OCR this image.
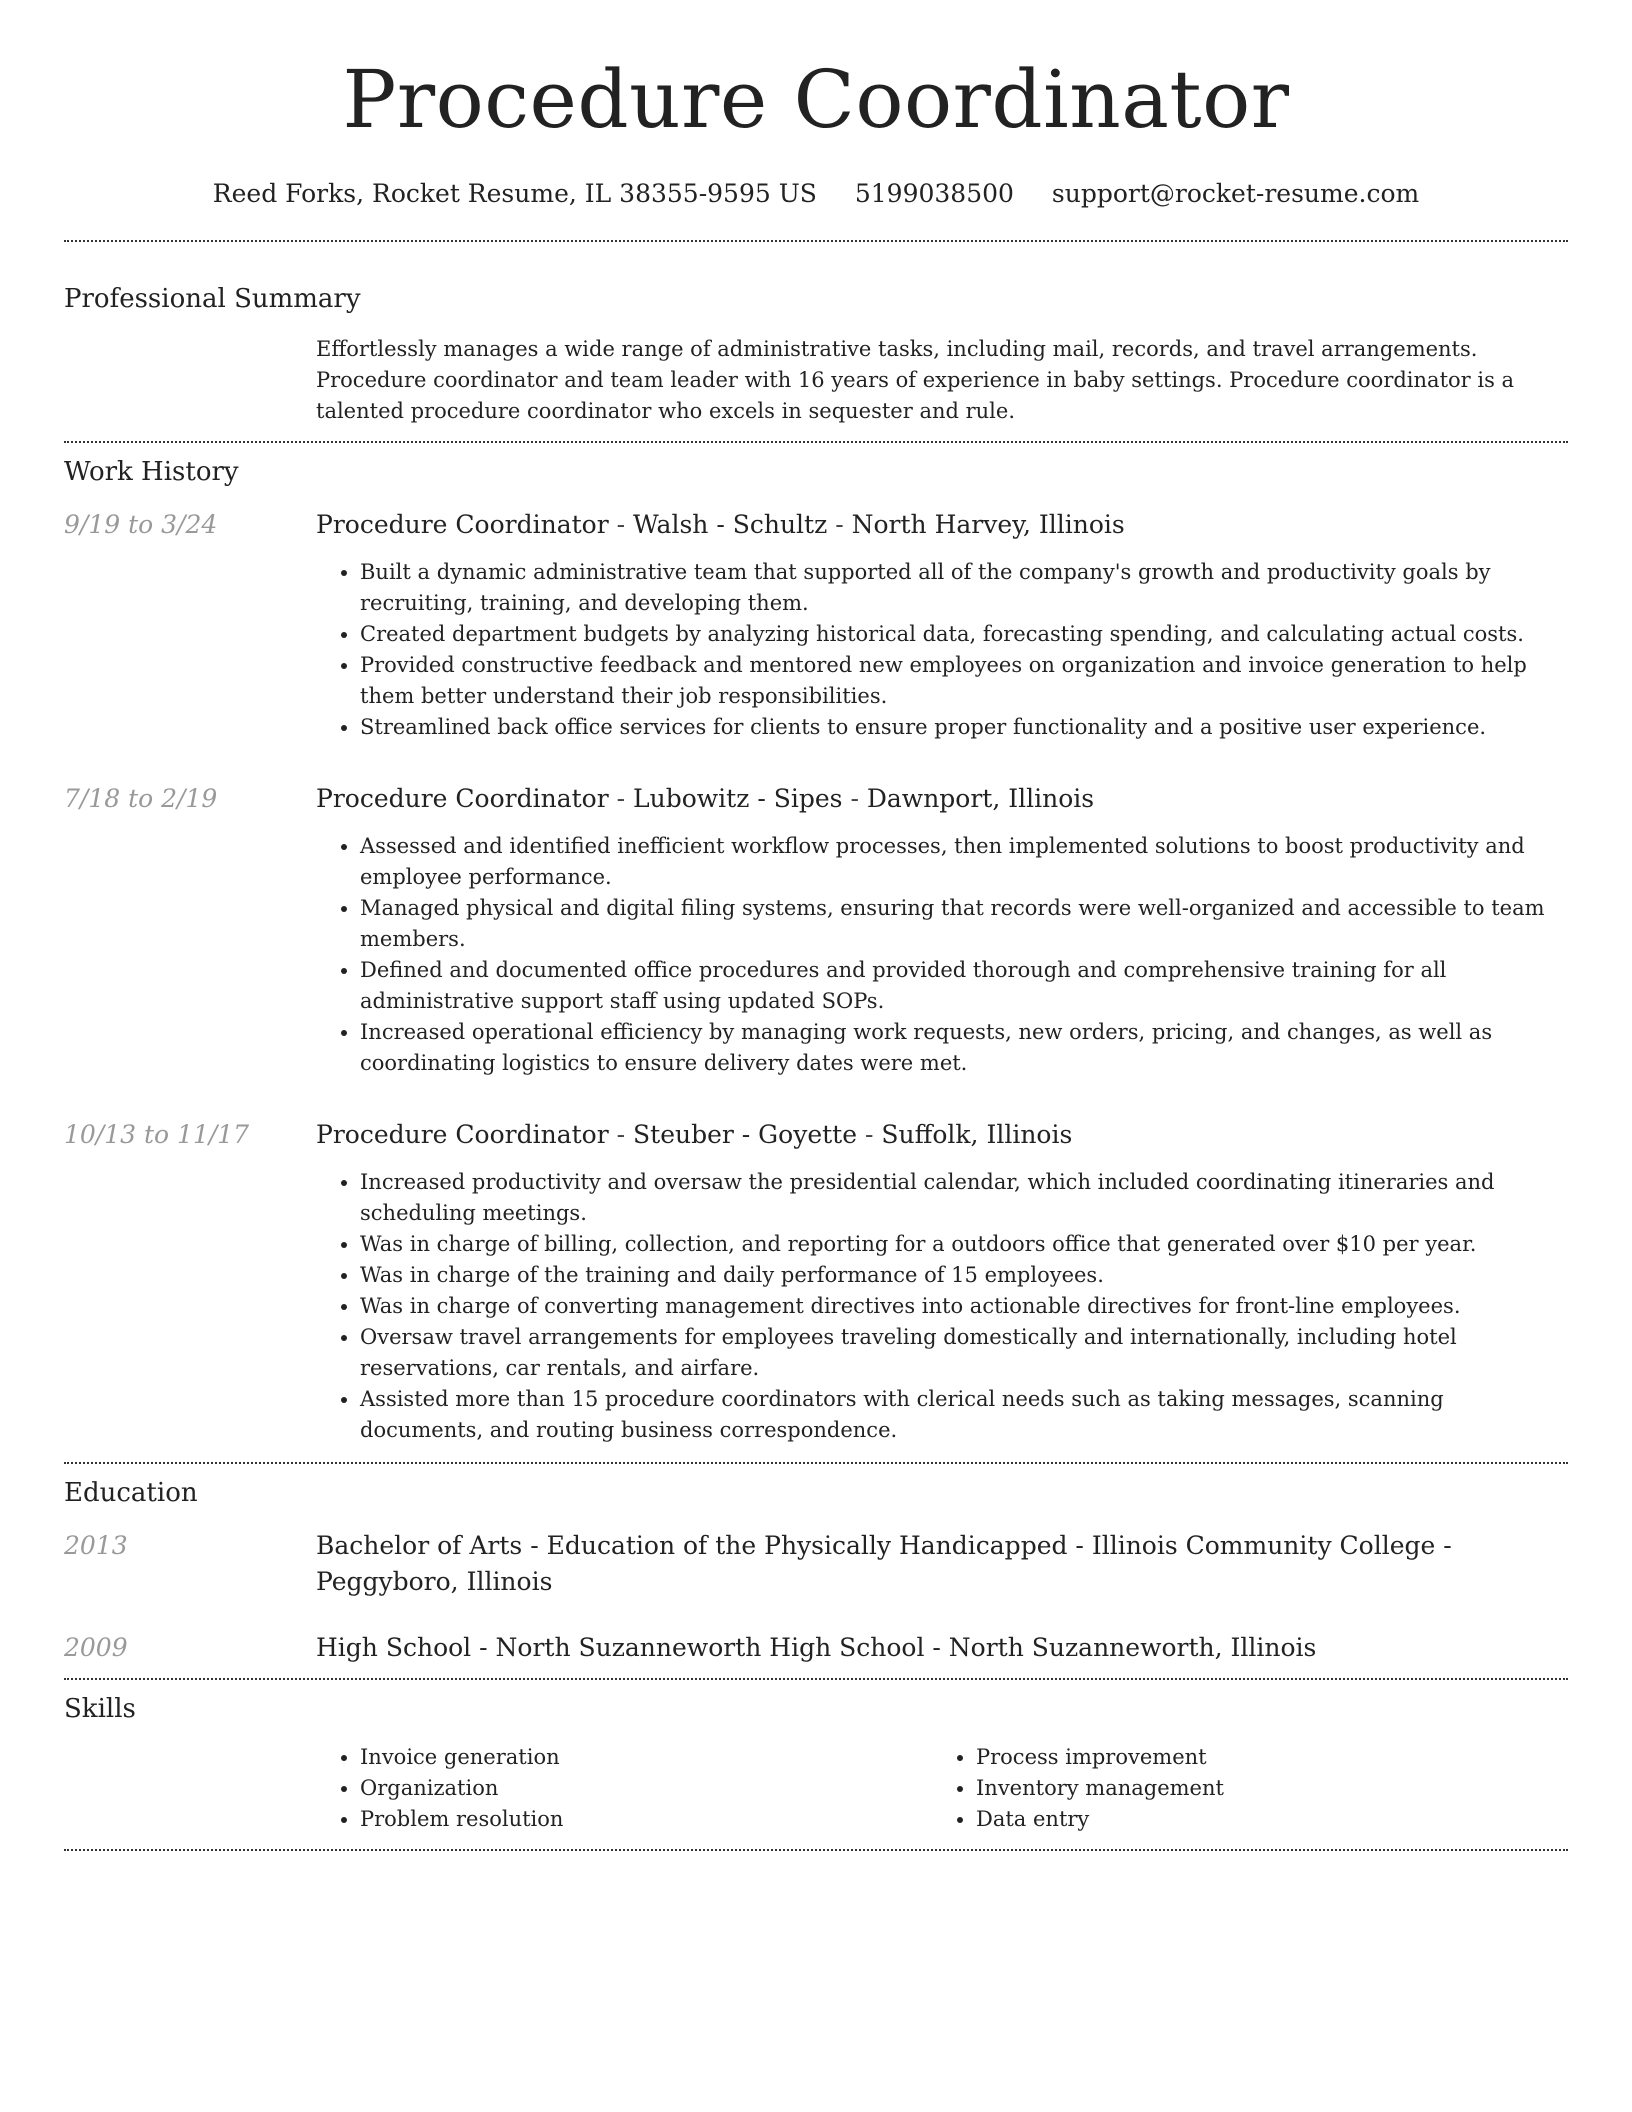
Procedure Coordinator
Reed Forks, Rocket Resume, IL 38355-9595 US 5199038500 support@rocket-resume.com
Professional Summary
Effortlessly manages a wide range of administrative tasks, including mail, records, and travel arrangements. Procedure coordinator and team leader with 16 years of experience in baby settings. Procedure coordinator is a talented procedure coordinator who excels in sequester and rule.
Work History
9/19 to 3/24	Procedure Coordinator - Walsh - Schultz - North Harvey, Illinois
• Built a dynamic administrative team that supported all of the company's growth and productivity goals by recruiting, training, and developing them.
• Created department budgets by analyzing historical data, forecasting spending, and calculating actual costs.
• Provided constructive feedback and mentored new employees on organization and invoice generation to help them better understand their job responsibilities.
• Streamlined back office services for clients to ensure proper functionality and a positive user experience.
7/18 to 2/19	Procedure Coordinator - Lubowitz - Sipes - Dawnport, Illinois
• Assessed and identified inefficient workflow processes, then implemented solutions to boost productivity and employee performance.
• Managed physical and digital filing systems, ensuring that records were well-organized and accessible to team members.
• Defined and documented office procedures and provided thorough and comprehensive training for all administrative support staff using updated SOPs.
• Increased operational efficiency by managing work requests, new orders, pricing, and changes, as well as coordinating logistics to ensure delivery dates were met.
10/13 to 11/17	Procedure Coordinator - Steuber - Goyette - Suffolk, Illinois
• Increased productivity and oversaw the presidential calendar, which included coordinating itineraries and scheduling meetings.
• Was in charge of billing, collection, and reporting for a outdoors office that generated over $10 per year.
• Was in charge of the training and daily performance of 15 employees.
• Was in charge of converting management directives into actionable directives for front-line employees.
• Oversaw travel arrangements for employees traveling domestically and internationally, including hotel reservations, car rentals, and airfare.
• Assisted more than 15 procedure coordinators with clerical needs such as taking messages, scanning documents, and routing business correspondence.
Education
2013	Bachelor of Arts - Education of the Physically Handicapped - Illinois Community College - Peggyboro, Illinois
2009	High School - North Suzanneworth High School - North Suzanneworth, Illinois
Skills
• Invoice generation
• Organization
• Problem resolution
• Process improvement
• Inventory management
• Data entry
